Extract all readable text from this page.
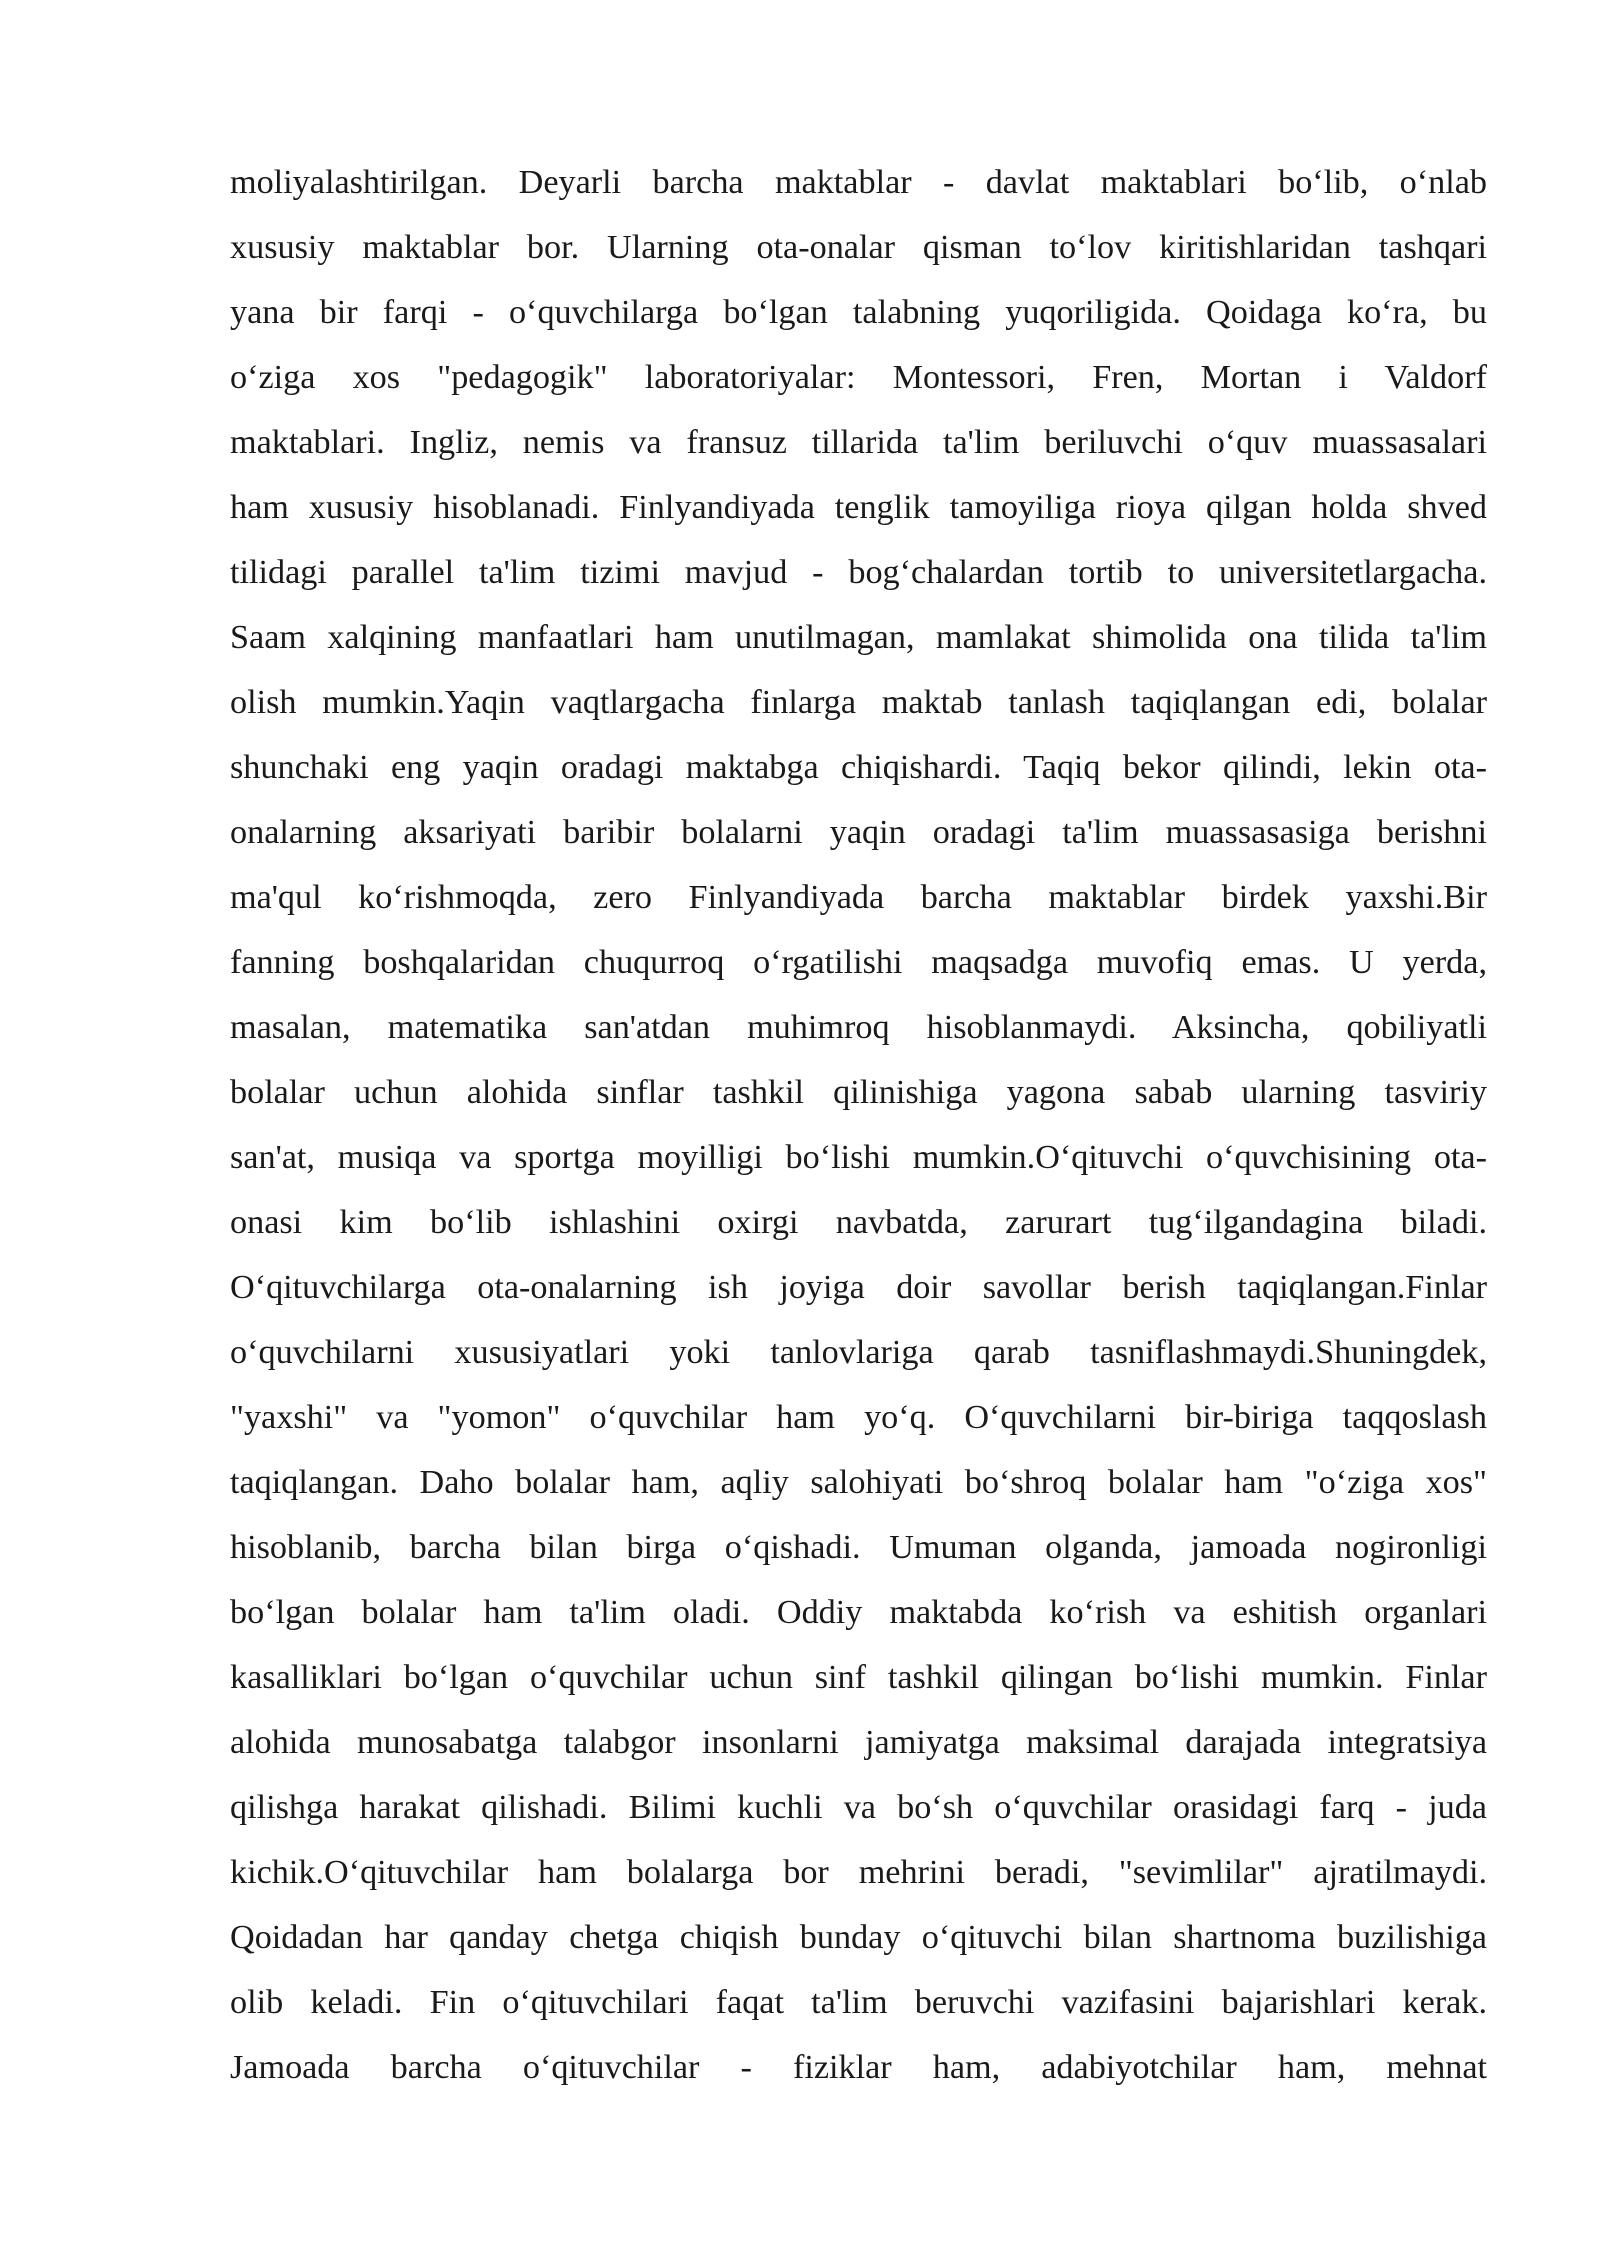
moliyalashtirilgan. Deyarli barcha maktablar - davlat maktablari bo‘lib, o‘nlab
xususiy maktablar bor. Ularning ota-onalar qisman to‘lov kiritishlaridan tashqari
yana bir farqi - o‘quvchilarga bo‘lgan talabning yuqoriligida. Qoidaga ko‘ra, bu
o‘ziga xos "pedagogik" laboratoriyalar: Montessori, Fren, Mortan i Valdorf
maktablari. Ingliz, nemis va fransuz tillarida ta'lim beriluvchi o‘quv muassasalari
ham xususiy hisoblanadi. Finlyandiyada tenglik tamoyiliga rioya qilgan holda shved
tilidagi parallel ta'lim tizimi mavjud - bog‘chalardan tortib to universitetlargacha.
Saam xalqining manfaatlari ham unutilmagan, mamlakat shimolida ona tilida ta'lim
olish mumkin.Yaqin vaqtlargacha finlarga maktab tanlash taqiqlangan edi, bolalar
shunchaki eng yaqin oradagi maktabga chiqishardi. Taqiq bekor qilindi, lekin ota-
onalarning aksariyati baribir bolalarni yaqin oradagi ta'lim muassasasiga berishni
ma'qul ko‘rishmoqda, zero Finlyandiyada barcha maktablar birdek yaxshi.Bir
fanning boshqalaridan chuqurroq o‘rgatilishi maqsadga muvofiq emas. U yerda,
masalan, matematika san'atdan muhimroq hisoblanmaydi. Aksincha, qobiliyatli
bolalar uchun alohida sinflar tashkil qilinishiga yagona sabab ularning tasviriy
san'at, musiqa va sportga moyilligi bo‘lishi mumkin.O‘qituvchi o‘quvchisining ota-
onasi kim bo‘lib ishlashini oxirgi navbatda, zarurart tug‘ilgandagina biladi.
O‘qituvchilarga ota-onalarning ish joyiga doir savollar berish taqiqlangan.Finlar
o‘quvchilarni xususiyatlari yoki tanlovlariga qarab tasniflashmaydi.Shuningdek,
"yaxshi" va "yomon" o‘quvchilar ham yo‘q. O‘quvchilarni bir-biriga taqqoslash
taqiqlangan. Daho bolalar ham, aqliy salohiyati bo‘shroq bolalar ham "o‘ziga xos"
hisoblanib, barcha bilan birga o‘qishadi. Umuman olganda, jamoada nogironligi
bo‘lgan bolalar ham ta'lim oladi. Oddiy maktabda ko‘rish va eshitish organlari
kasalliklari bo‘lgan o‘quvchilar uchun sinf tashkil qilingan bo‘lishi mumkin. Finlar
alohida munosabatga talabgor insonlarni jamiyatga maksimal darajada integratsiya
qilishga harakat qilishadi. Bilimi kuchli va bo‘sh o‘quvchilar orasidagi farq - juda
kichik.O‘qituvchilar ham bolalarga bor mehrini beradi, "sevimlilar" ajratilmaydi.
Qoidadan har qanday chetga chiqish bunday o‘qituvchi bilan shartnoma buzilishiga
olib keladi. Fin o‘qituvchilari faqat ta'lim beruvchi vazifasini bajarishlari kerak.
Jamoada barcha o‘qituvchilar - fiziklar ham, adabiyotchilar ham, mehnat
